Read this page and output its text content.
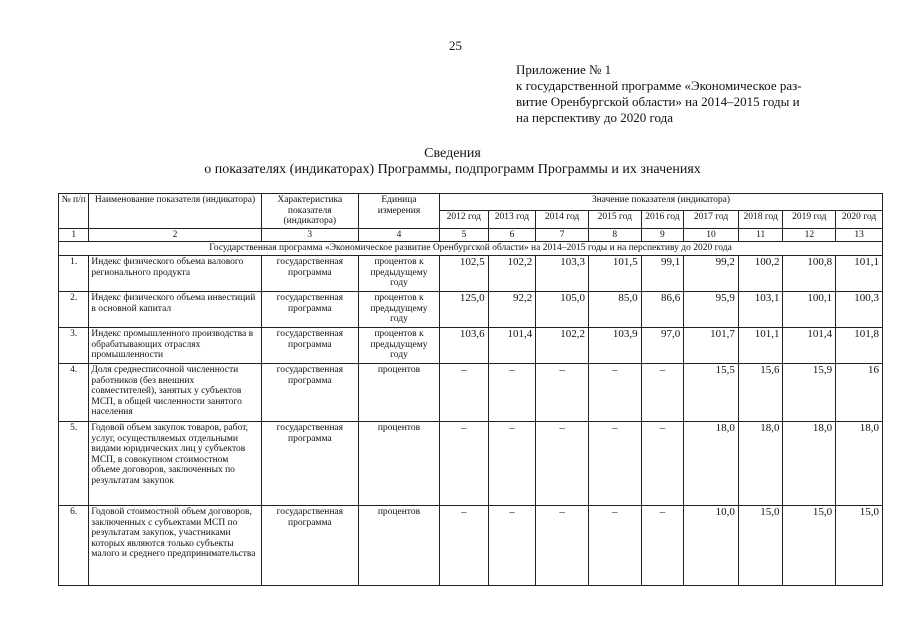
25
Приложение № 1
к государственной программе «Экономическое раз-
витие Оренбургской области» на 2014–2015 годы и
на перспективу до 2020 года
Сведения
о показателях (индикаторах) Программы, подпрограмм Программы и их значениях
№ п/п	Наименование показателя (индикатора)	Характеристика показателя (индикатора)	Единица измерения	Значение показателя (индикатора)								
				2012 год	2013 год	2014 год	2015 год	2016 год	2017 год	2018 год	2019 год	2020 год
1	2	3	4	5	6	7	8	9	10	11	12	13
Государственная программа «Экономическое развитие Оренбургской области» на 2014–2015 годы и на перспективу до 2020 года												
1.	Индекс физического объема валового регионального продукта	государственная программа	процентов к предыдущему году	102,5	102,2	103,3	101,5	99,1	99,2	100,2	100,8	101,1
2.	Индекс физического объема инвестиций в основной капитал	государственная программа	процентов к предыдущему году	125,0	92,2	105,0	85,0	86,6	95,9	103,1	100,1	100,3
3.	Индекс промышленного производства в обрабатывающих отраслях промышленности	государственная программа	процентов к предыдущему году	103,6	101,4	102,2	103,9	97,0	101,7	101,1	101,4	101,8
4.	Доля среднесписочной численности работников (без внешних совместителей), занятых у субъектов МСП, в общей численности занятого населения	государственная программа	процентов	–	–	–	–	–	15,5	15,6	15,9	16
5.	Годовой объем закупок товаров, работ, услуг, осуществляемых отдельными видами юридических лиц у субъектов МСП, в совокупном стоимостном объеме договоров, заключенных по результатам закупок	государственная программа	процентов	–	–	–	–	–	18,0	18,0	18,0	18,0
6.	Годовой стоимостной объем договоров, заключенных с субъектами МСП по результатам закупок, участниками которых являются только субъекты малого и среднего предпринимательства	государственная программа	процентов	–	–	–	–	–	10,0	15,0	15,0	15,0
